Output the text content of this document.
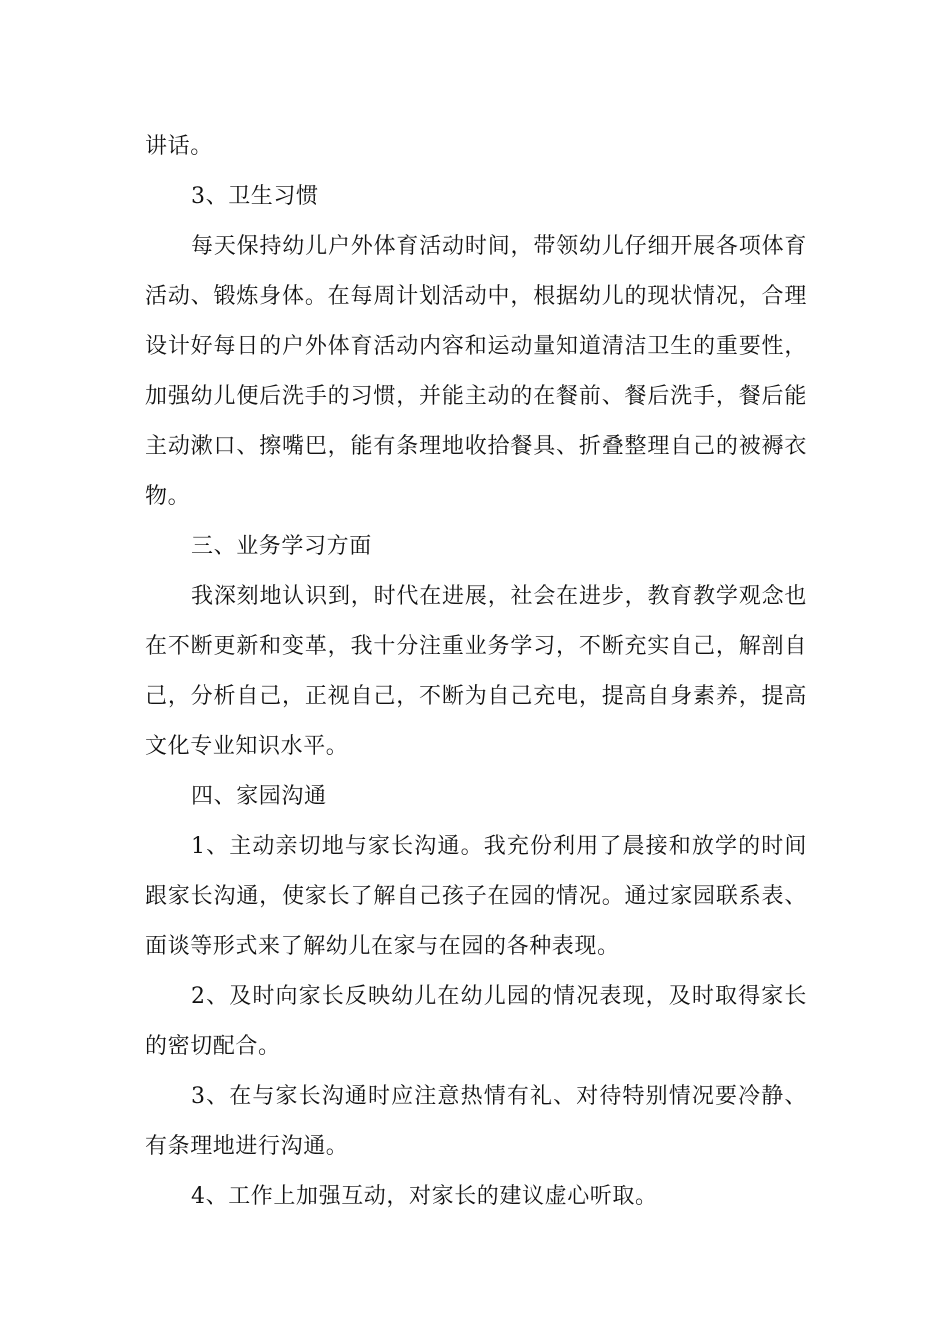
讲话。

3、卫生习惯

每天保持幼儿户外体育活动时间，带领幼儿仔细开展各项体育活动、锻炼身体。在每周计划活动中，根据幼儿的现状情况，合理设计好每日的户外体育活动内容和运动量知道清洁卫生的重要性，加强幼儿便后洗手的习惯，并能主动的在餐前、餐后洗手，餐后能主动漱口、擦嘴巴，能有条理地收拾餐具、折叠整理自己的被褥衣物。

三、业务学习方面

我深刻地认识到，时代在进展，社会在进步，教育教学观念也在不断更新和变革，我十分注重业务学习，不断充实自己，解剖自己，分析自己，正视自己，不断为自己充电，提高自身素养，提高文化专业知识水平。

四、家园沟通

1、主动亲切地与家长沟通。我充份利用了晨接和放学的时间跟家长沟通，使家长了解自己孩子在园的情况。通过家园联系表、面谈等形式来了解幼儿在家与在园的各种表现。

2、及时向家长反映幼儿在幼儿园的情况表现，及时取得家长的密切配合。

3、在与家长沟通时应注意热情有礼、对待特别情况要冷静、有条理地进行沟通。

4、工作上加强互动，对家长的建议虚心听取。
